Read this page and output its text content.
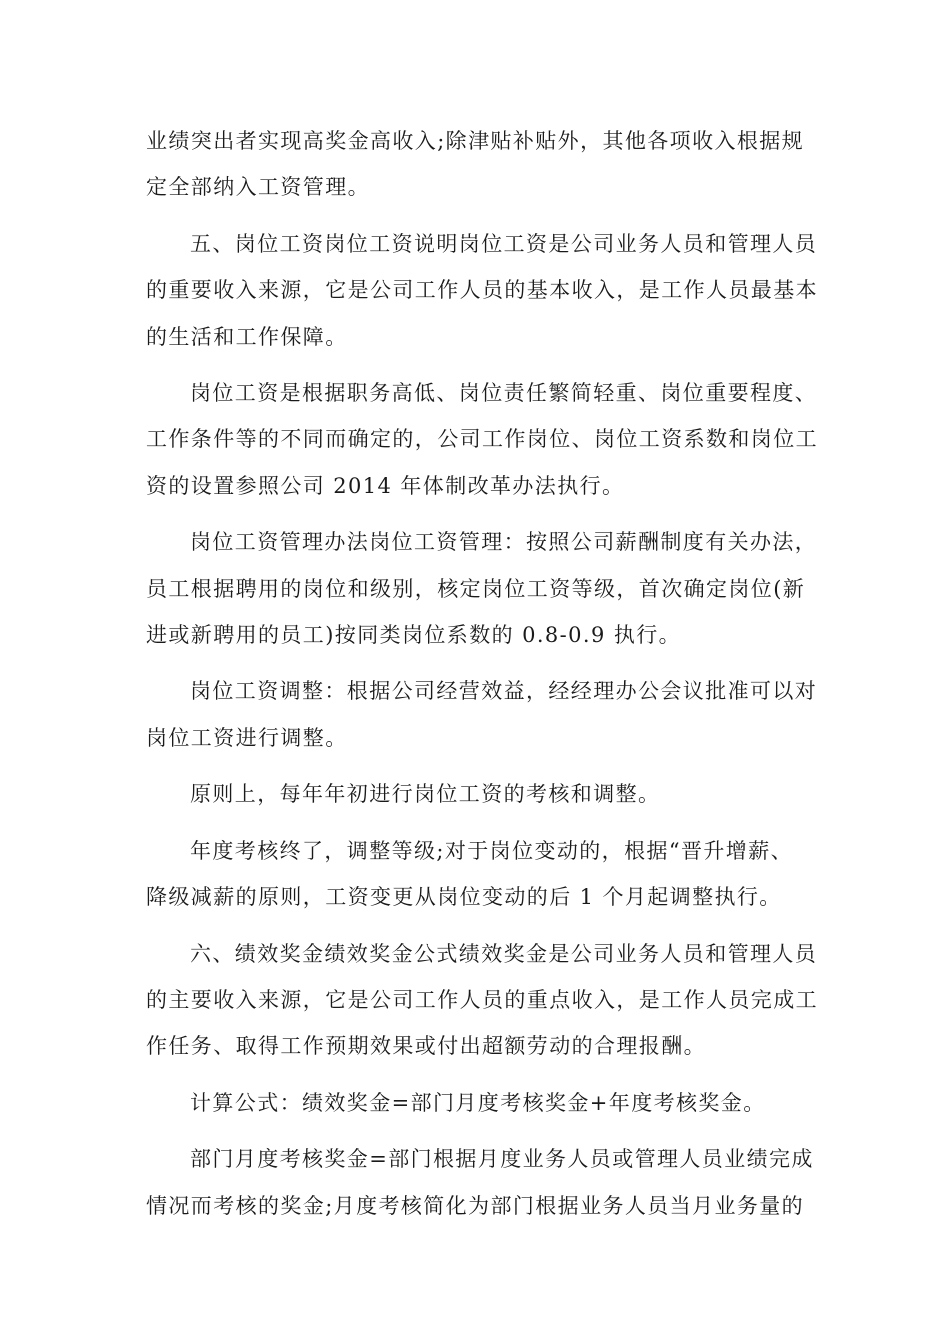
业绩突出者实现高奖金高收入;除津贴补贴外，其他各项收入根据规
定全部纳入工资管理。

五、岗位工资岗位工资说明岗位工资是公司业务人员和管理人员
的重要收入来源，它是公司工作人员的基本收入，是工作人员最基本
的生活和工作保障。

岗位工资是根据职务高低、岗位责任繁简轻重、岗位重要程度、
工作条件等的不同而确定的，公司工作岗位、岗位工资系数和岗位工
资的设置参照公司 2014 年体制改革办法执行。

岗位工资管理办法岗位工资管理：按照公司薪酬制度有关办法，
员工根据聘用的岗位和级别，核定岗位工资等级，首次确定岗位(新
进或新聘用的员工)按同类岗位系数的 0.8-0.9 执行。

岗位工资调整：根据公司经营效益，经经理办公会议批准可以对
岗位工资进行调整。

原则上，每年年初进行岗位工资的考核和调整。

年度考核终了，调整等级;对于岗位变动的，根据“晋升增薪、
降级减薪的原则，工资变更从岗位变动的后 1 个月起调整执行。

六、绩效奖金绩效奖金公式绩效奖金是公司业务人员和管理人员
的主要收入来源，它是公司工作人员的重点收入，是工作人员完成工
作任务、取得工作预期效果或付出超额劳动的合理报酬。

计算公式：绩效奖金=部门月度考核奖金+年度考核奖金。

部门月度考核奖金=部门根据月度业务人员或管理人员业绩完成
情况而考核的奖金;月度考核简化为部门根据业务人员当月业务量的
